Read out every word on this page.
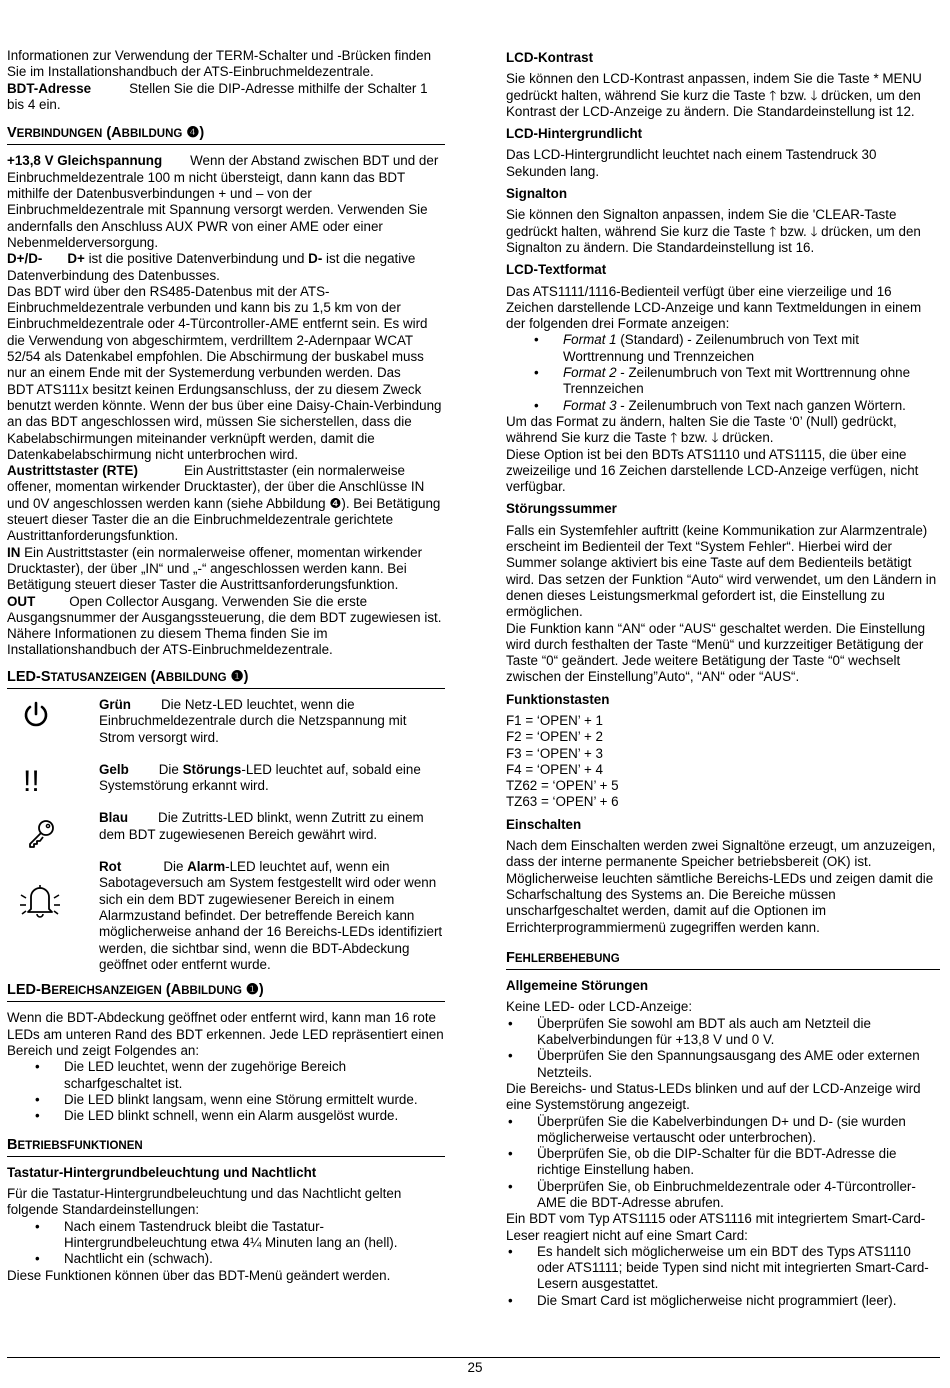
Informationen zur Verwendung der TERM-Schalter und -Brücken finden Sie im Installationshandbuch der ATS-Einbruchmeldezentrale.

BDT-Adresse	Stellen Sie die DIP-Adresse mithilfe der Schalter 1 bis 4 ein.

VERBINDUNGEN (ABBILDUNG ❹)

+13,8 V Gleichspannung Wenn der Abstand zwischen BDT und der Einbruchmeldezentrale 100 m nicht übersteigt, dann kann das BDT mithilfe der Datenbusverbindungen + und – von der Einbruchmeldezentrale mit Spannung versorgt werden. Verwenden Sie andernfalls den Anschluss AUX PWR von einer AME oder einer Nebenmelderversorgung.

D+/D- D+ ist die positive Datenverbindung und D- ist die negative Datenverbindung des Datenbusses.

Das BDT wird über den RS485-Datenbus mit der ATS-Einbruchmeldezentrale verbunden und kann bis zu 1,5 km von der Einbruchmeldezentrale oder 4-Türcontroller-AME entfernt sein. Es wird die Verwendung von abgeschirmtem, verdrilltem 2-Adernpaar WCAT 52/54 als Datenkabel empfohlen. Die Abschirmung der buskabel muss nur an einem Ende mit der Systemerdung verbunden werden. Das

BDT ATS111x besitzt keinen Erdungsanschluss, der zu diesem Zweck benutzt werden könnte. Wenn der bus über eine Daisy-Chain-Verbindung an das BDT angeschlossen wird, müssen Sie sicherstellen, dass die Kabelabschirmungen miteinander verknüpft werden, damit die Datenkabelabschirmung nicht unterbrochen wird.

Austrittstaster (RTE)	Ein Austrittstaster (ein normalerweise offener, momentan wirkender Drucktaster), der über die Anschlüsse IN und 0V angeschlossen werden kann (siehe Abbildung ❹). Bei Betätigung steuert dieser Taster die an die Einbruchmeldezentrale gerichtete Austrittanforderungsfunktion.

IN Ein Austrittstaster (ein normalerweise offener, momentan wirkender Drucktaster), der über „IN“ und „-“ angeschlossen werden kann. Bei Betätigung steuert dieser Taster die Austrittsanforderungsfunktion.

OUT	Open Collector Ausgang. Verwenden Sie die erste Ausgangsnummer der Ausgangssteuerung, die dem BDT zugewiesen ist. Nähere Informationen zu diesem Thema finden Sie im Installationshandbuch der ATS-Einbruchmeldezentrale.

LED-STATUSANZEIGEN (ABBILDUNG ❶)
Grün Die Netz-LED leuchtet, wenn die Einbruchmeldezentrale durch die Netzspannung mit Strom versorgt wird.
!!	Gelb Die Störungs-LED leuchtet auf, sobald eine Systemstörung erkannt wird.
Blau Die Zutritts-LED blinkt, wenn Zutritt zu einem dem BDT zugewiesenen Bereich gewährt wird.
Rot	Die Alarm-LED leuchtet auf, wenn ein Sabotageversuch am System festgestellt wird oder wenn sich ein dem BDT zugewiesener Bereich in einem Alarmzustand befindet. Der betreffende Bereich kann möglicherweise anhand der 16 Bereichs-LEDs identifiziert werden, die sichtbar sind, wenn die BDT-Abdeckung geöffnet oder entfernt wurde.
LED-BEREICHSANZEIGEN (ABBILDUNG ❶)

Wenn die BDT-Abdeckung geöffnet oder entfernt wird, kann man 16 rote LEDs am unteren Rand des BDT erkennen. Jede LED repräsentiert einen Bereich und zeigt Folgendes an:

• Die LED leuchtet, wenn der zugehörige Bereich scharfgeschaltet ist.
• Die LED blinkt langsam, wenn eine Störung ermittelt wurde.
• Die LED blinkt schnell, wenn ein Alarm ausgelöst wurde.
BETRIEBSFUNKTIONEN

Tastatur-Hintergrundbeleuchtung und Nachtlicht

Für die Tastatur-Hintergrundbeleuchtung und das Nachtlicht gelten folgende Standardeinstellungen:

• Nach einem Tastendruck bleibt die Tastatur-Hintergrundbeleuchtung etwa 4¼ Minuten lang an (hell).
• Nachtlicht ein (schwach).

Diese Funktionen können über das BDT-Menü geändert werden.

LCD-Kontrast

Sie können den LCD-Kontrast anpassen, indem Sie die Taste * MENU gedrückt halten, während Sie kurz die Taste 🡑 bzw. 🡓 drücken, um den Kontrast der LCD-Anzeige zu ändern. Die Standardeinstellung ist 12.

LCD-Hintergrundlicht

Das LCD-Hintergrundlicht leuchtet nach einem Tastendruck 30 Sekunden lang.

Signalton

Sie können den Signalton anpassen, indem Sie die 'CLEAR-Taste gedrückt halten, während Sie kurz die Taste 🡑 bzw. 🡓 drücken, um den Signalton zu ändern. Die Standardeinstellung ist 16.

LCD-Textformat

Das ATS1111/1116-Bedienteil verfügt über eine vierzeilige und 16 Zeichen darstellende LCD-Anzeige und kann Textmeldungen in einem der folgenden drei Formate anzeigen:

• Format 1 (Standard) - Zeilenumbruch von Text mit Worttrennung und Trennzeichen
• Format 2 - Zeilenumbruch von Text mit Worttrennung ohne Trennzeichen
• Format 3 - Zeilenumbruch von Text nach ganzen Wörtern.

Um das Format zu ändern, halten Sie die Taste ‘0’ (Null) gedrückt, während Sie kurz die Taste 🡑 bzw. 🡓 drücken.

Diese Option ist bei den BDTs ATS1110 und ATS1115, die über eine zweizeilige und 16 Zeichen darstellende LCD-Anzeige verfügen, nicht verfügbar.

Störungssummer

Falls ein Systemfehler auftritt (keine Kommunikation zur Alarmzentrale) erscheint im Bedienteil der Text “System Fehler“. Hierbei wird der Summer solange aktiviert bis eine Taste auf dem Bedienteils betätigt wird. Das setzen der Funktion “Auto“ wird verwendet, um den Ländern in denen dieses Leistungsmerkmal gefordert ist, die Einstellung zu ermöglichen.

Die Funktion kann “AN“ oder “AUS“ geschaltet werden. Die Einstellung wird durch festhalten der Taste “Menü“ und kurzzeitiger Betätigung der Taste “0“ geändert. Jede weitere Betätigung der Taste “0“ wechselt zwischen der Einstellung”Auto“, “AN“ oder “AUS“.

Funktionstasten

F1 = ‘OPEN’ + 1

F2 = ‘OPEN’ + 2

F3 = ‘OPEN’ + 3

F4 = ‘OPEN’ + 4

TZ62 = ‘OPEN’ + 5

TZ63 = ‘OPEN’ + 6

Einschalten

Nach dem Einschalten werden zwei Signaltöne erzeugt, um anzuzeigen, dass der interne permanente Speicher betriebsbereit (OK) ist. Möglicherweise leuchten sämtliche Bereichs-LEDs und zeigen damit die Scharfschaltung des Systems an. Die Bereiche müssen unscharfgeschaltet werden, damit auf die Optionen im Errichterprogrammiermenü zugegriffen werden kann.

FEHLERBEHEBUNG

Allgemeine Störungen

Keine LED- oder LCD-Anzeige:

• Überprüfen Sie sowohl am BDT als auch am Netzteil die Kabelverbindungen für +13,8 V und 0 V.
• Überprüfen Sie den Spannungsausgang des AME oder externen Netzteils.

Die Bereichs- und Status-LEDs blinken und auf der LCD-Anzeige wird eine Systemstörung angezeigt.

• Überprüfen Sie die Kabelverbindungen D+ und D- (sie wurden möglicherweise vertauscht oder unterbrochen).
• Überprüfen Sie, ob die DIP-Schalter für die BDT-Adresse die richtige Einstellung haben.
• Überprüfen Sie, ob Einbruchmeldezentrale oder 4-Türcontroller-AME die BDT-Adresse abrufen.

Ein BDT vom Typ ATS1115 oder ATS1116 mit integriertem Smart-Card-Leser reagiert nicht auf eine Smart Card:

• Es handelt sich möglicherweise um ein BDT des Typs ATS1110 oder ATS1111; beide Typen sind nicht mit integrierten Smart-Card-Lesern ausgestattet.
• Die Smart Card ist möglicherweise nicht programmiert (leer).
25
